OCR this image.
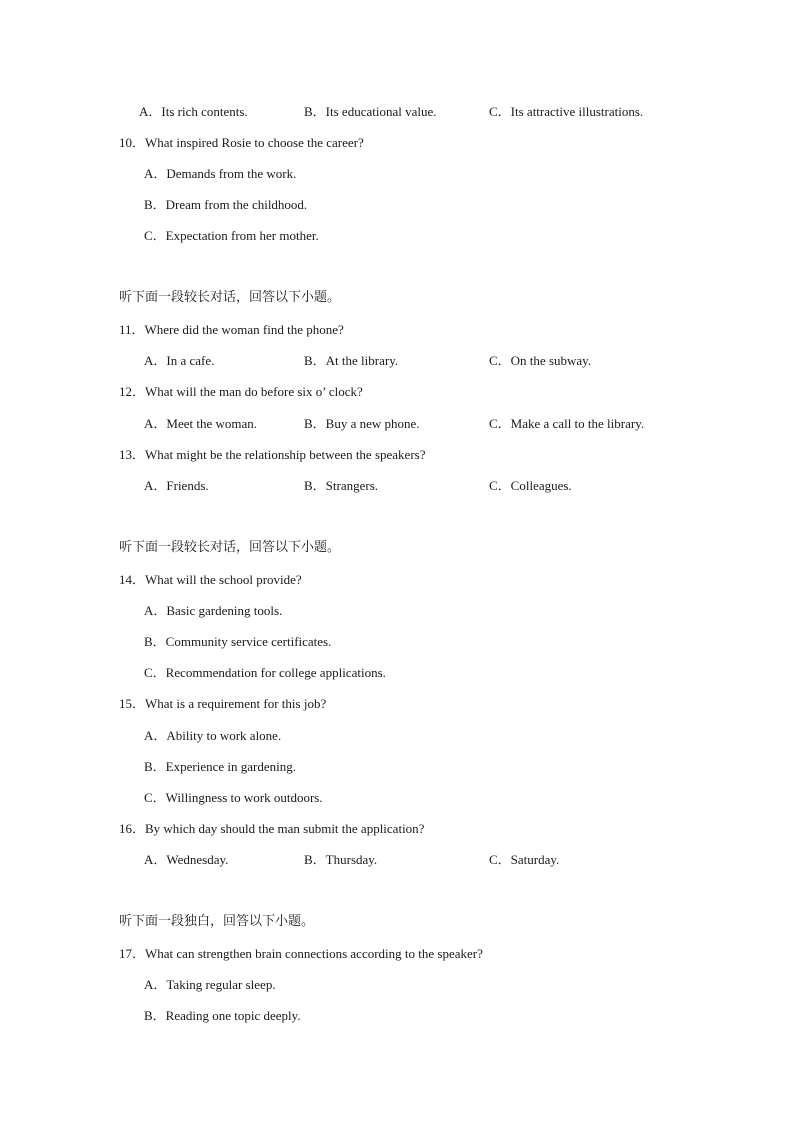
A．Its rich contents.	B．Its educational value.	C．Its attractive illustrations.
10．What inspired Rosie to choose the career?
A．Demands from the work.
B．Dream from the childhood.
C．Expectation from her mother.
听下面一段较长对话，回答以下小题。
11．Where did the woman find the phone?
A．In a cafe.	B．At the library.	C．On the subway.
12．What will the man do before six o’ clock?
A．Meet the woman.	B．Buy a new phone.	C．Make a call to the library.
13．What might be the relationship between the speakers?
A．Friends.	B．Strangers.	C．Colleagues.
听下面一段较长对话，回答以下小题。
14．What will the school provide?
A．Basic gardening tools.
B．Community service certificates.
C．Recommendation for college applications.
15．What is a requirement for this job?
A．Ability to work alone.
B．Experience in gardening.
C．Willingness to work outdoors.
16．By which day should the man submit the application?
A．Wednesday.	B．Thursday.	C．Saturday.
听下面一段独白，回答以下小题。
17．What can strengthen brain connections according to the speaker?
A．Taking regular sleep.
B．Reading one topic deeply.
